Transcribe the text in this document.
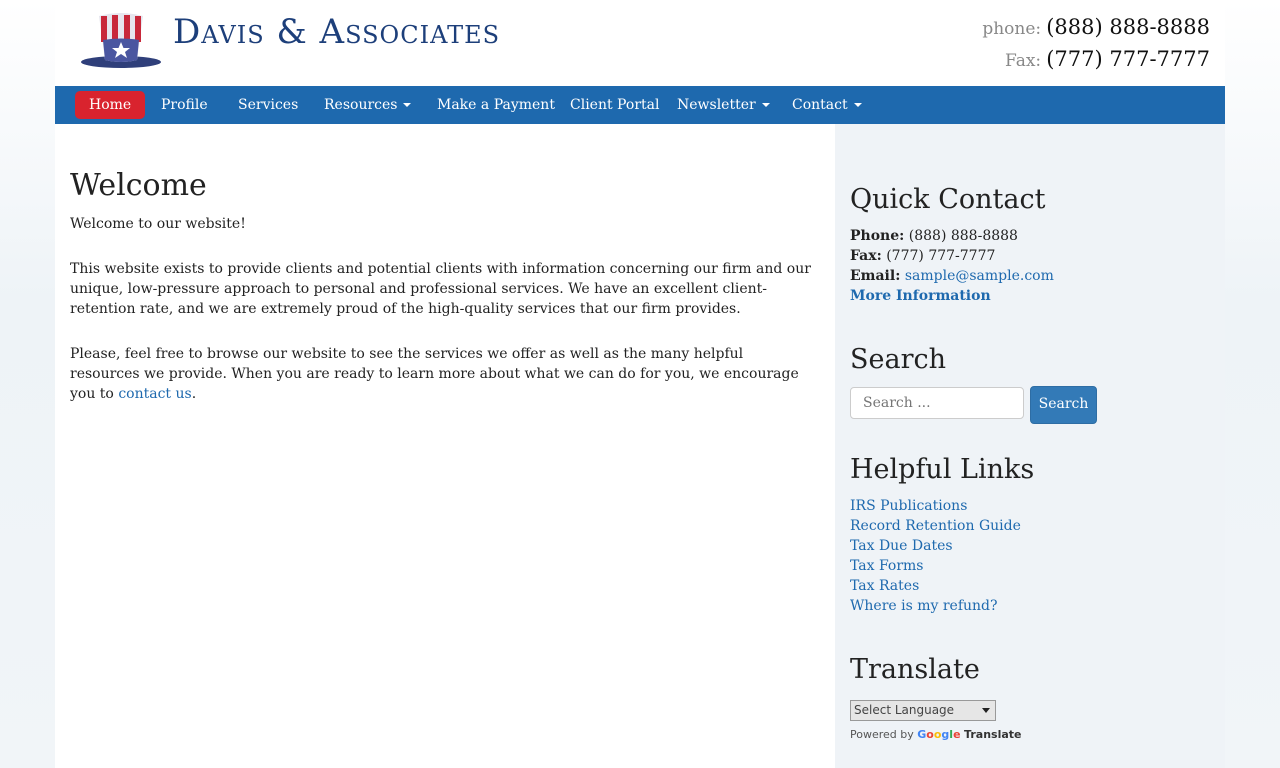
Davis & Associates	phone: (888) 888-8888
Fax: (777) 777-7777
Home	Profile	Services	Resources	Make a Payment	Client Portal	Newsletter	Contact
Welcome

Welcome to our website!

This website exists to provide clients and potential clients with information concerning our firm and our unique, low-pressure approach to personal and professional services. We have an excellent client-retention rate, and we are extremely proud of the high-quality services that our firm provides.

Please, feel free to browse our website to see the services we offer as well as the many helpful resources we provide. When you are ready to learn more about what we can do for you, we encourage you to contact us.

Quick Contact
Phone: (888) 888-8888
Fax: (777) 777-7777
Email: sample@sample.com
More Information
Search
Search ...
Search
Helpful Links
IRS Publications
Record Retention Guide
Tax Due Dates
Tax Forms
Tax Rates
Where is my refund?
Translate
Select Language
Powered by Google Translate
